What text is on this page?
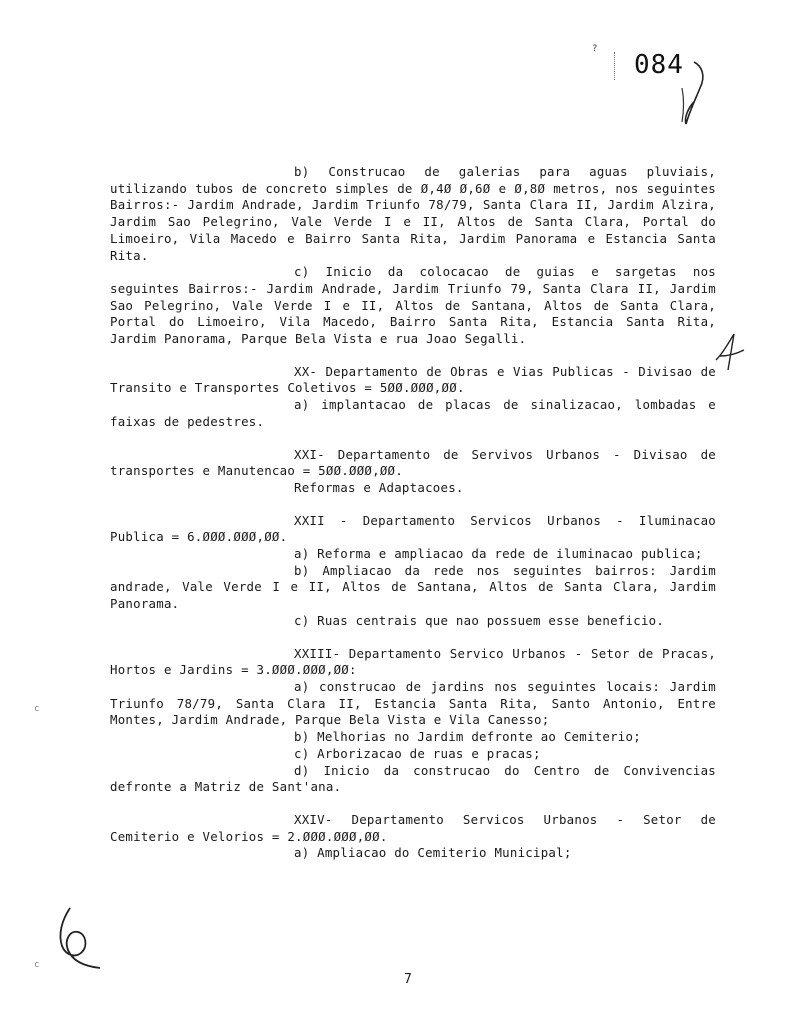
?
084
c
c

b) Construcao de galerias para aguas pluviais, utilizando tubos de concreto simples de Ø,4Ø Ø,6Ø e Ø,8Ø metros, nos seguintes Bairros:- Jardim Andrade, Jardim Triunfo 78/79, Santa Clara II, Jardim Alzira, Jardim Sao Pelegrino, Vale Verde I e II, Altos de Santa Clara, Portal do Limoeiro, Vila Macedo e Bairro Santa Rita, Jardim Panorama e Estancia Santa Rita.

c) Inicio da colocacao de guias e sargetas nos seguintes Bairros:- Jardim Andrade, Jardim Triunfo 79, Santa Clara II, Jardim Sao Pelegrino, Vale Verde I e II, Altos de Santana, Altos de Santa Clara, Portal do Limoeiro, Vila Macedo, Bairro Santa Rita, Estancia Santa Rita, Jardim Panorama, Parque Bela Vista e rua Joao Segalli.

XX- Departamento de Obras e Vias Publicas - Divisao de Transito e Transportes Coletivos = 5ØØ.ØØØ,ØØ.

a) implantacao de placas de sinalizacao, lombadas e faixas de pedestres.

XXI- Departamento de Servivos Urbanos - Divisao de transportes e Manutencao = 5ØØ.ØØØ,ØØ.

Reformas e Adaptacoes.

XXII - Departamento Servicos Urbanos - Iluminacao Publica = 6.ØØØ.ØØØ,ØØ.

a) Reforma e ampliacao da rede de iluminacao publica;

b) Ampliacao da rede nos seguintes bairros: Jardim andrade, Vale Verde I e II, Altos de Santana, Altos de Santa Clara, Jardim Panorama.

c) Ruas centrais que nao possuem esse beneficio.

XXIII- Departamento Servico Urbanos - Setor de Pracas, Hortos e Jardins = 3.ØØØ.ØØØ,ØØ:

a) construcao de jardins nos seguintes locais: Jardim Triunfo 78/79, Santa Clara II, Estancia Santa Rita, Santo Antonio, Entre Montes, Jardim Andrade, Parque Bela Vista e Vila Canesso;

b) Melhorias no Jardim defronte ao Cemiterio;

c) Arborizacao de ruas e pracas;

d) Inicio da construcao do Centro de Convivencias defronte a Matriz de Sant'ana.

XXIV- Departamento Servicos Urbanos - Setor de Cemiterio e Velorios = 2.ØØØ.ØØØ,ØØ.

a) Ampliacao do Cemiterio Municipal;

7
